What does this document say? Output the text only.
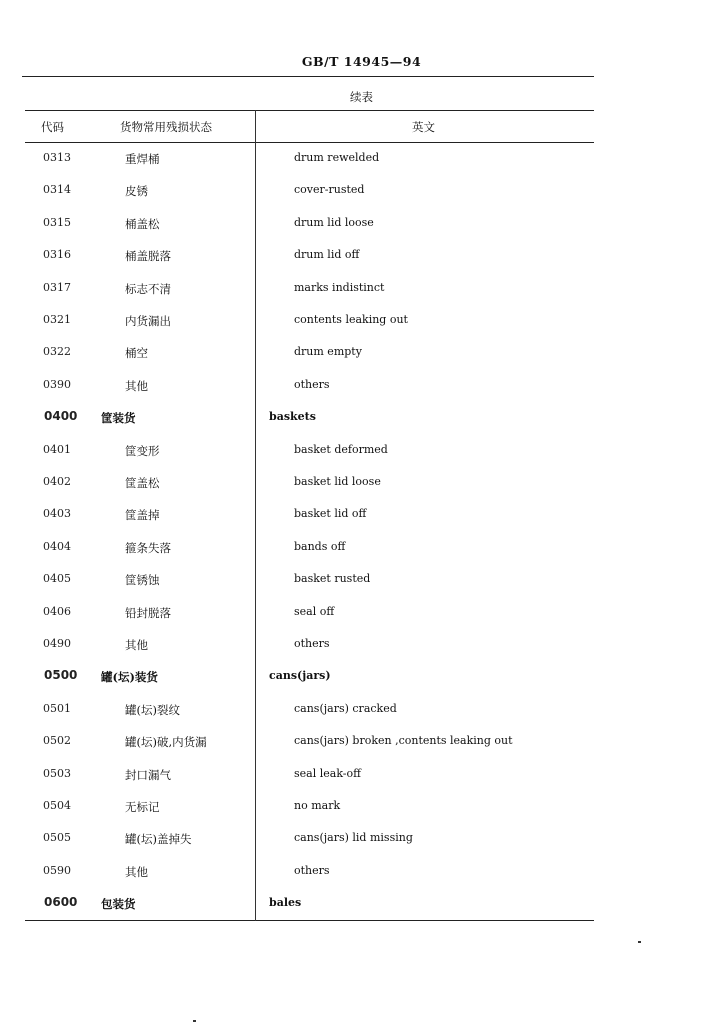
GB/T 14945—94
续表
代码	货物常用残损状态	英文
0313	重焊桶	drum rewelded
0314	皮锈	cover-rusted
0315	桶盖松	drum lid loose
0316	桶盖脱落	drum lid off
0317	标志不清	marks indistinct
0321	内货漏出	contents leaking out
0322	桶空	drum empty
0390	其他	others
0400 筐装货	baskets
0401	筐变形	basket deformed
0402	筐盖松	basket lid loose
0403	筐盖掉	basket lid off
0404	箍条失落	bands off
0405	筐锈蚀	basket rusted
0406	铅封脱落	seal off
0490	其他	others
0500 罐(坛)装货	cans(jars)
0501	罐(坛)裂纹	cans(jars) cracked
0502	罐(坛)破,内货漏	cans(jars) broken ,contents leaking out
0503	封口漏气	seal leak-off
0504	无标记	no mark
0505	罐(坛)盖掉失	cans(jars) lid missing
0590	其他	others
0600 包装货	bales
